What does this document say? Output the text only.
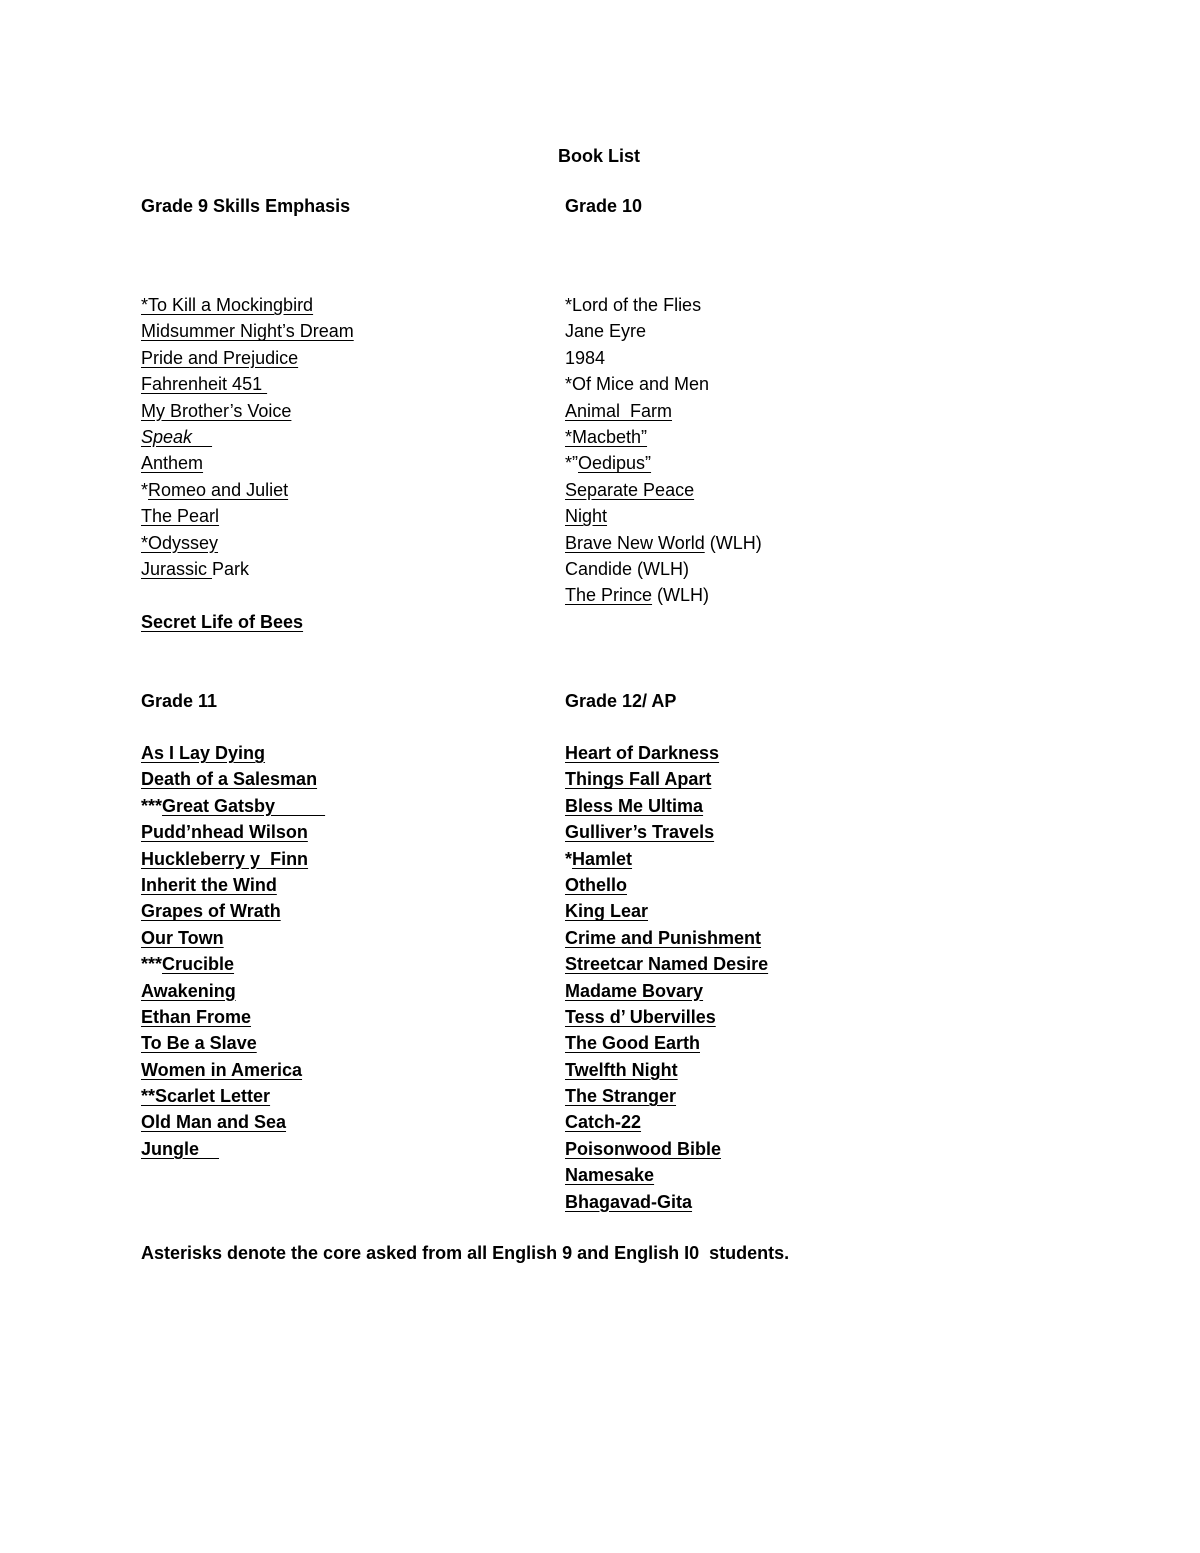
Book List
Grade 9 Skills Emphasis	Grade 10
*To Kill a Mockingbird
Midsummer Night’s Dream
Pride and Prejudice
Fahrenheit 451
My Brother’s Voice
Speak
Anthem
*Romeo and Juliet
The Pearl
*Odyssey
Jurassic Park
Secret Life of Bees
*Lord of the Flies
Jane Eyre
1984
*Of Mice and Men
Animal  Farm
*Macbeth”
*”Oedipus”
Separate Peace
Night
Brave New World (WLH)
Candide (WLH)
The Prince (WLH)
Grade 11	Grade 12/ AP
As I Lay Dying
Death of a Salesman
***Great Gatsby
Pudd’nhead Wilson
Huckleberry y  Finn
Inherit the Wind
Grapes of Wrath
Our Town
***Crucible
Awakening
Ethan Frome
To Be a Slave
Women in America
**Scarlet Letter
Old Man and Sea
Jungle
Heart of Darkness
Things Fall Apart
Bless Me Ultima
Gulliver’s Travels
*Hamlet
Othello
King Lear
Crime and Punishment
Streetcar Named Desire
Madame Bovary
Tess d’ Ubervilles
The Good Earth
Twelfth Night
The Stranger
Catch-22
Poisonwood Bible
Namesake
Bhagavad-Gita
Asterisks denote the core asked from all English 9 and English I0  students.
